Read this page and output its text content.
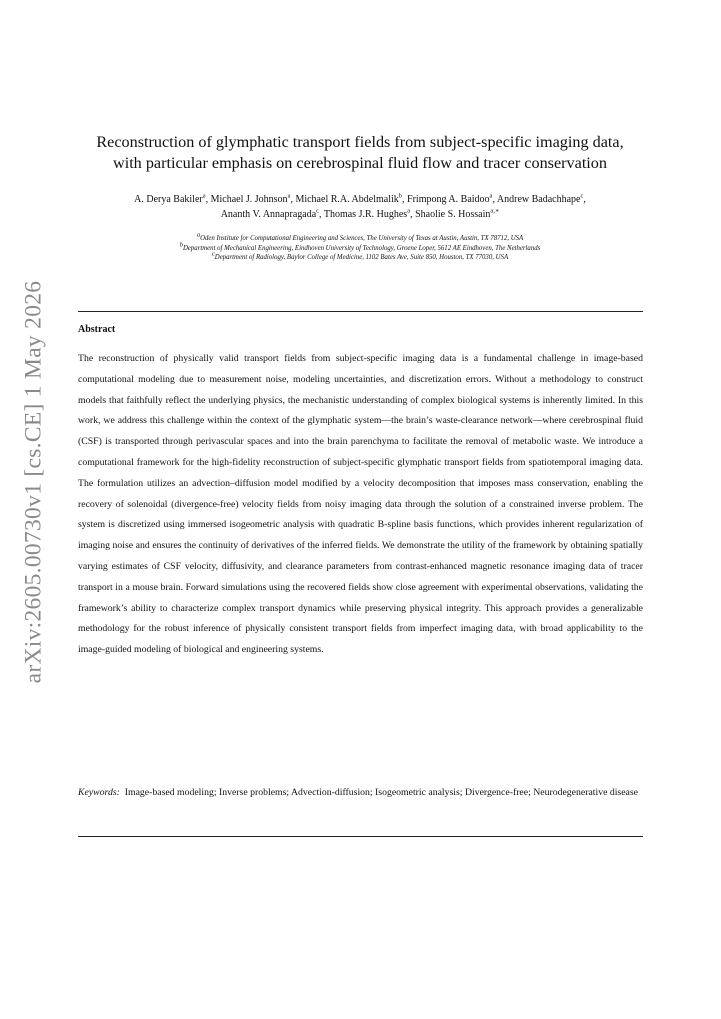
arXiv:2605.00730v1 [cs.CE] 1 May 2026
Reconstruction of glymphatic transport fields from subject-specific imaging data,
with particular emphasis on cerebrospinal fluid flow and tracer conservation
A. Derya Bakiler$^a$, Michael J. Johnson$^a$, Michael R.A. Abdelmalik$^b$, Frimpong A. Baidoo$^a$, Andrew Badachhape$^c$,
Ananth V. Annapragada$^c$, Thomas J.R. Hughes$^a$, Shaolie S. Hossain$^{a,∗}$
$^a$Oden Institute for Computational Engineering and Sciences, The University of Texas at Austin, Austin, TX 78712, USA
$^b$Department of Mechanical Engineering, Eindhoven University of Technology, Groene Loper, 5612 AE Eindhoven, The Netherlands
$^c$Department of Radiology, Baylor College of Medicine, 1102 Bates Ave, Suite 850, Houston, TX 77030, USA
Abstract

The reconstruction of physically valid transport fields from subject-specific imaging data is a fundamental challenge in image-based computational modeling due to measurement noise, modeling uncertainties, and discretization errors. Without a methodology to construct models that faithfully reflect the underlying physics, the mechanistic understanding of complex biological systems is inherently limited. In this work, we address this challenge within the context of the glymphatic system—the brain’s waste-clearance network—where cerebrospinal fluid (CSF) is transported through perivascular spaces and into the brain parenchyma to facilitate the removal of metabolic waste. We introduce a computational framework for the high-fidelity reconstruction of subject-specific glymphatic transport fields from spatiotemporal imaging data. The formulation utilizes an advection–diffusion model modified by a velocity decomposition that imposes mass conservation, enabling the recovery of solenoidal (divergence-free) velocity fields from noisy imaging data through the solution of a constrained inverse problem. The system is discretized using immersed isogeometric analysis with quadratic B-spline basis functions, which provides inherent regularization of imaging noise and ensures the continuity of derivatives of the inferred fields. We demonstrate the utility of the framework by obtaining spatially varying estimates of CSF velocity, diffusivity, and clearance parameters from contrast-enhanced magnetic resonance imaging data of tracer transport in a mouse brain. Forward simulations using the recovered fields show close agreement with experimental observations, validating the framework’s ability to characterize complex transport dynamics while preserving physical integrity. This approach provides a generalizable methodology for the robust inference of physically consistent transport fields from imperfect imaging data, with broad applicability to the image-guided modeling of biological and engineering systems.

Keywords: Image-based modeling; Inverse problems; Advection-diffusion; Isogeometric analysis; Divergence-free; Neurodegenerative disease
